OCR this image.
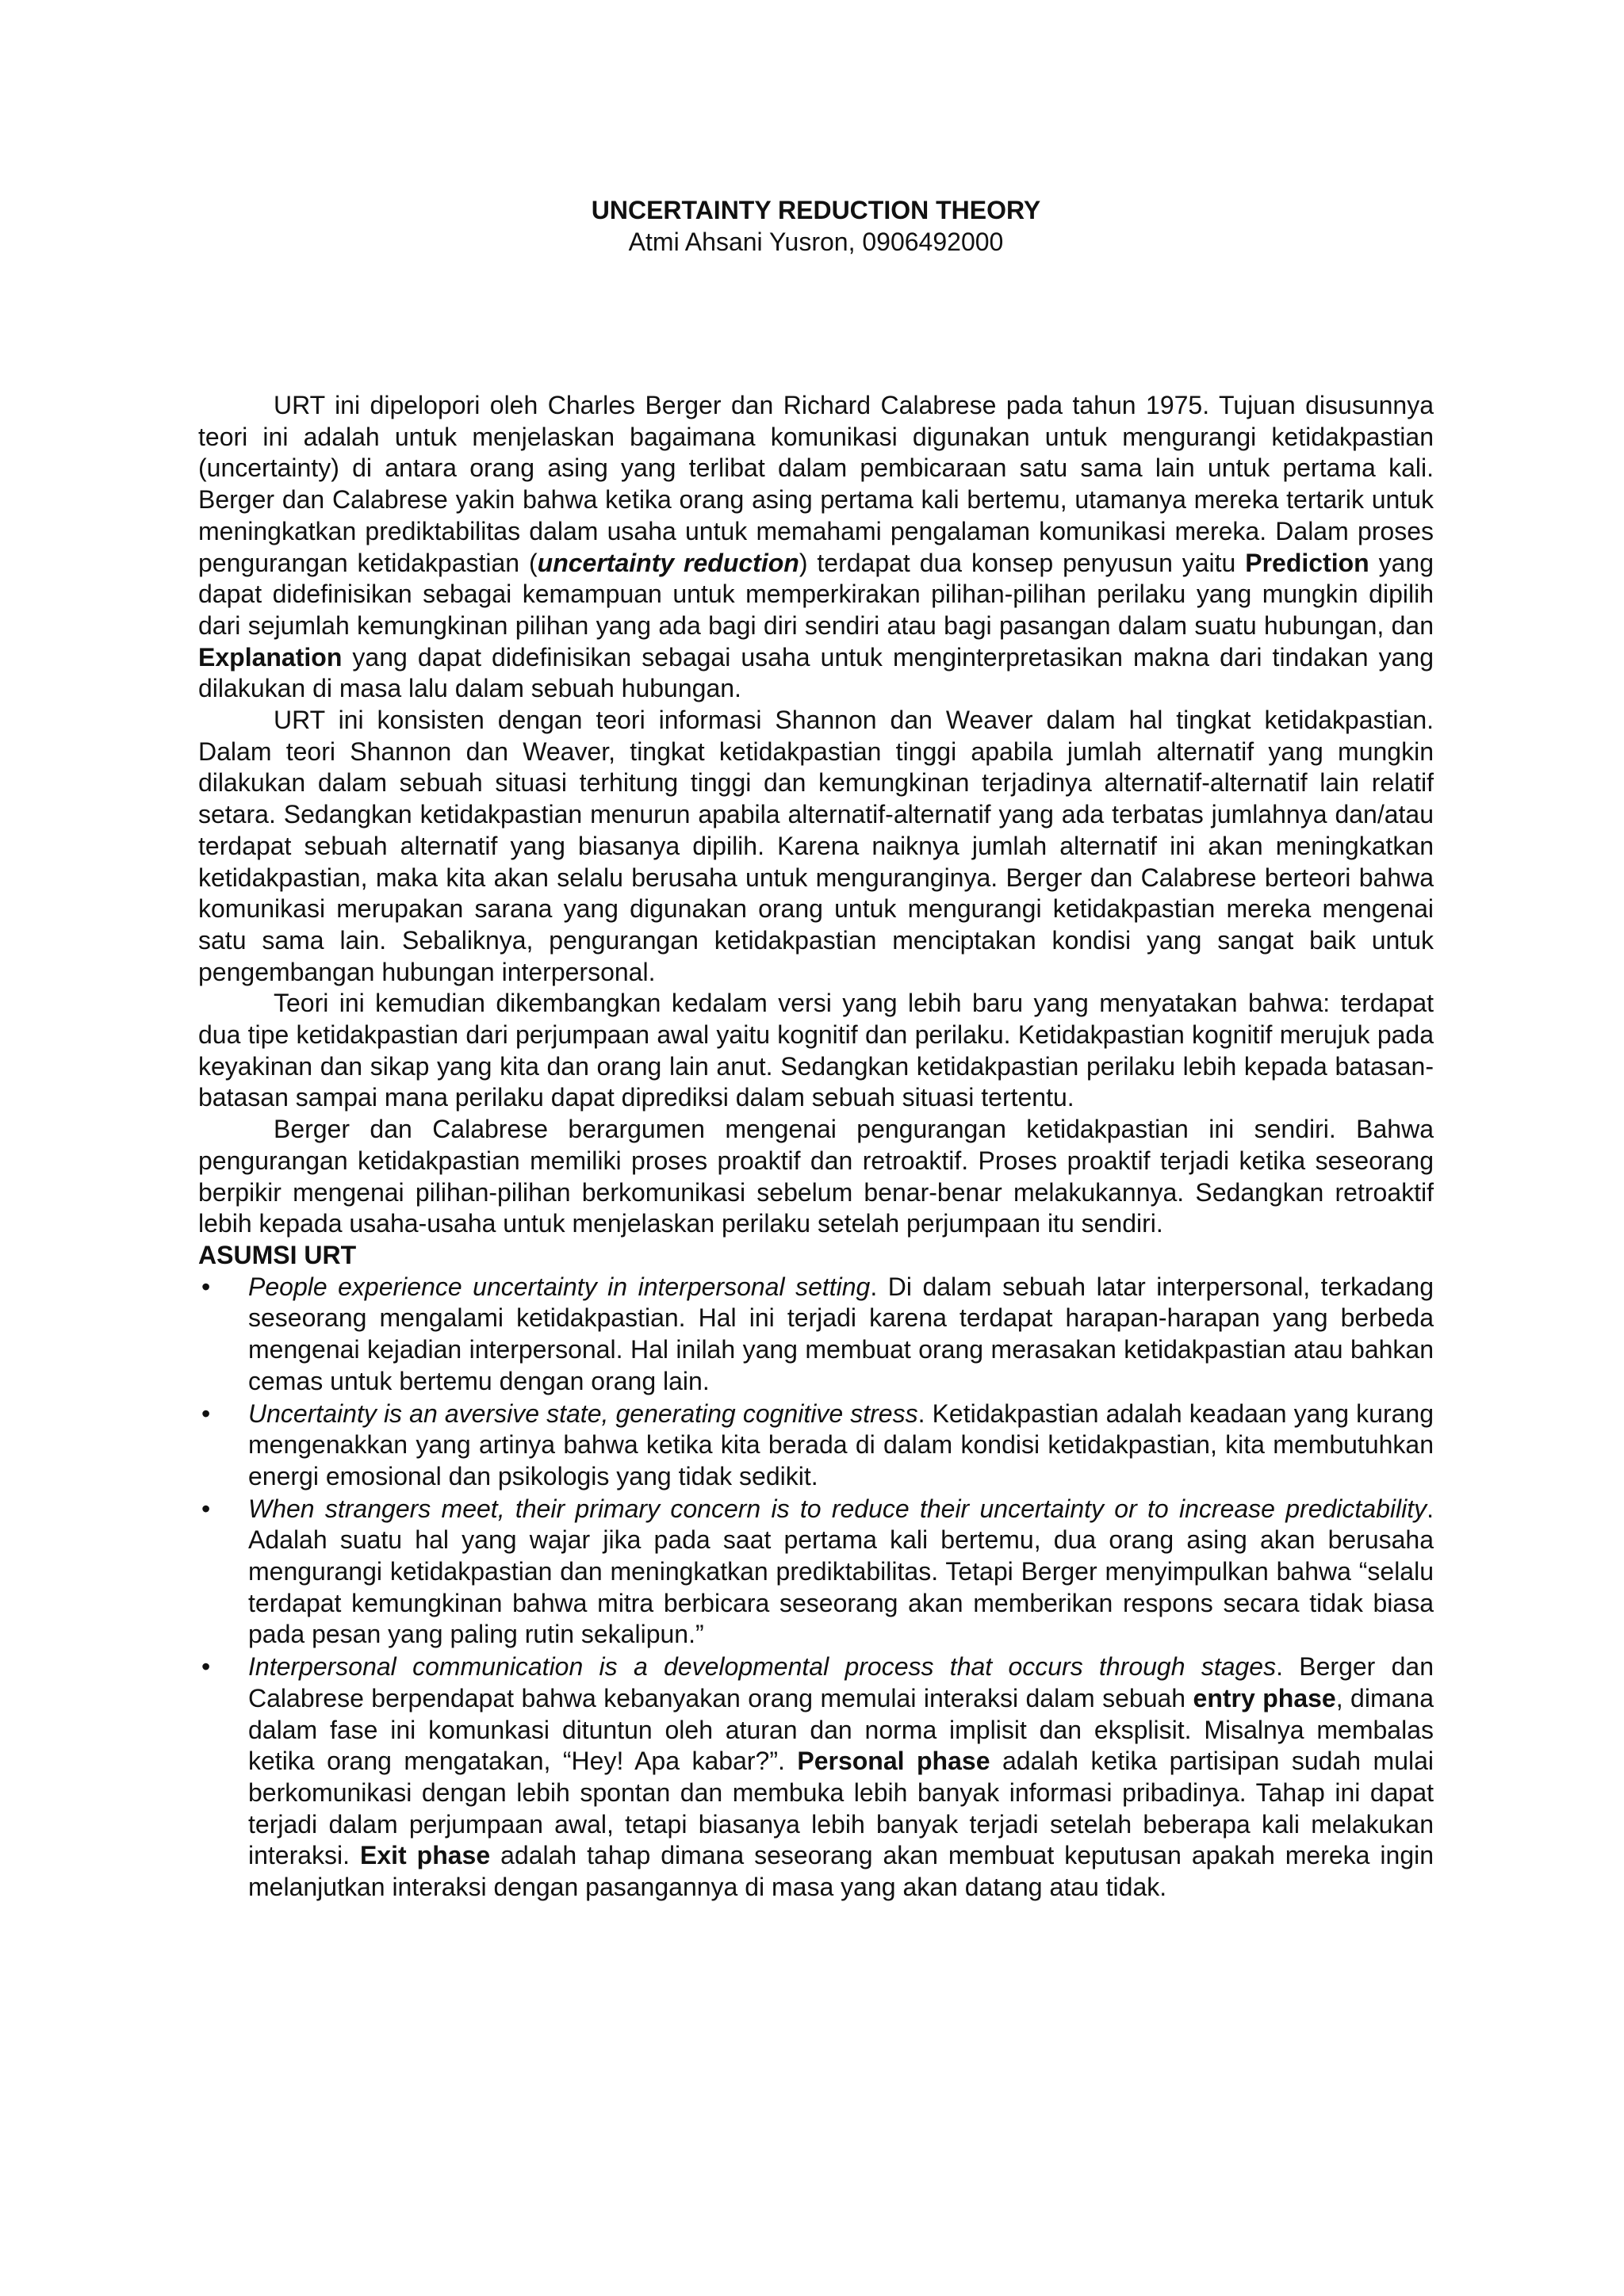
UNCERTAINTY REDUCTION THEORY

Atmi Ahsani Yusron, 0906492000

URT ini dipelopori oleh Charles Berger dan Richard Calabrese pada tahun 1975. Tujuan disusunnya teori ini adalah untuk menjelaskan bagaimana komunikasi digunakan untuk mengurangi ketidakpastian (uncertainty) di antara orang asing yang terlibat dalam pembicaraan satu sama lain untuk pertama kali. Berger dan Calabrese yakin bahwa ketika orang asing pertama kali bertemu, utamanya mereka tertarik untuk meningkatkan prediktabilitas dalam usaha untuk memahami pengalaman komunikasi mereka. Dalam proses pengurangan ketidakpastian (uncertainty reduction) terdapat dua konsep penyusun yaitu Prediction yang dapat didefinisikan sebagai kemampuan untuk memperkirakan pilihan-pilihan perilaku yang mungkin dipilih dari sejumlah kemungkinan pilihan yang ada bagi diri sendiri atau bagi pasangan dalam suatu hubungan, dan Explanation yang dapat didefinisikan sebagai usaha untuk menginterpretasikan makna dari tindakan yang dilakukan di masa lalu dalam sebuah hubungan.

URT ini konsisten dengan teori informasi Shannon dan Weaver dalam hal tingkat ketidakpastian. Dalam teori Shannon dan Weaver, tingkat ketidakpastian tinggi apabila jumlah alternatif yang mungkin dilakukan dalam sebuah situasi terhitung tinggi dan kemungkinan terjadinya alternatif-alternatif lain relatif setara. Sedangkan ketidakpastian menurun apabila alternatif-alternatif yang ada terbatas jumlahnya dan/atau terdapat sebuah alternatif yang biasanya dipilih. Karena naiknya jumlah alternatif ini akan meningkatkan ketidakpastian, maka kita akan selalu berusaha untuk menguranginya. Berger dan Calabrese berteori bahwa komunikasi merupakan sarana yang digunakan orang untuk mengurangi ketidakpastian mereka mengenai satu sama lain. Sebaliknya, pengurangan ketidakpastian menciptakan kondisi yang sangat baik untuk pengembangan hubungan interpersonal.

Teori ini kemudian dikembangkan kedalam versi yang lebih baru yang menyatakan bahwa: terdapat dua tipe ketidakpastian dari perjumpaan awal yaitu kognitif dan perilaku. Ketidakpastian kognitif merujuk pada keyakinan dan sikap yang kita dan orang lain anut. Sedangkan ketidakpastian perilaku lebih kepada batasan-batasan sampai mana perilaku dapat diprediksi dalam sebuah situasi tertentu.

Berger dan Calabrese berargumen mengenai pengurangan ketidakpastian ini sendiri. Bahwa pengurangan ketidakpastian memiliki proses proaktif dan retroaktif. Proses proaktif terjadi ketika seseorang berpikir mengenai pilihan-pilihan berkomunikasi sebelum benar-benar melakukannya. Sedangkan retroaktif lebih kepada usaha-usaha untuk menjelaskan perilaku setelah perjumpaan itu sendiri.

ASUMSI URT

• People experience uncertainty in interpersonal setting. Di dalam sebuah latar interpersonal, terkadang seseorang mengalami ketidakpastian. Hal ini terjadi karena terdapat harapan-harapan yang berbeda mengenai kejadian interpersonal. Hal inilah yang membuat orang merasakan ketidakpastian atau bahkan cemas untuk bertemu dengan orang lain.
• Uncertainty is an aversive state, generating cognitive stress. Ketidakpastian adalah keadaan yang kurang mengenakkan yang artinya bahwa ketika kita berada di dalam kondisi ketidakpastian, kita membutuhkan energi emosional dan psikologis yang tidak sedikit.
• When strangers meet, their primary concern is to reduce their uncertainty or to increase predictability. Adalah suatu hal yang wajar jika pada saat pertama kali bertemu, dua orang asing akan berusaha mengurangi ketidakpastian dan meningkatkan prediktabilitas. Tetapi Berger menyimpulkan bahwa “selalu terdapat kemungkinan bahwa mitra berbicara seseorang akan memberikan respons secara tidak biasa pada pesan yang paling rutin sekalipun.”
• Interpersonal communication is a developmental process that occurs through stages. Berger dan Calabrese berpendapat bahwa kebanyakan orang memulai interaksi dalam sebuah entry phase, dimana dalam fase ini komunkasi dituntun oleh aturan dan norma implisit dan eksplisit. Misalnya membalas ketika orang mengatakan, “Hey! Apa kabar?”. Personal phase adalah ketika partisipan sudah mulai berkomunikasi dengan lebih spontan dan membuka lebih banyak informasi pribadinya. Tahap ini dapat terjadi dalam perjumpaan awal, tetapi biasanya lebih banyak terjadi setelah beberapa kali melakukan interaksi. Exit phase adalah tahap dimana seseorang akan membuat keputusan apakah mereka ingin melanjutkan interaksi dengan pasangannya di masa yang akan datang atau tidak.
